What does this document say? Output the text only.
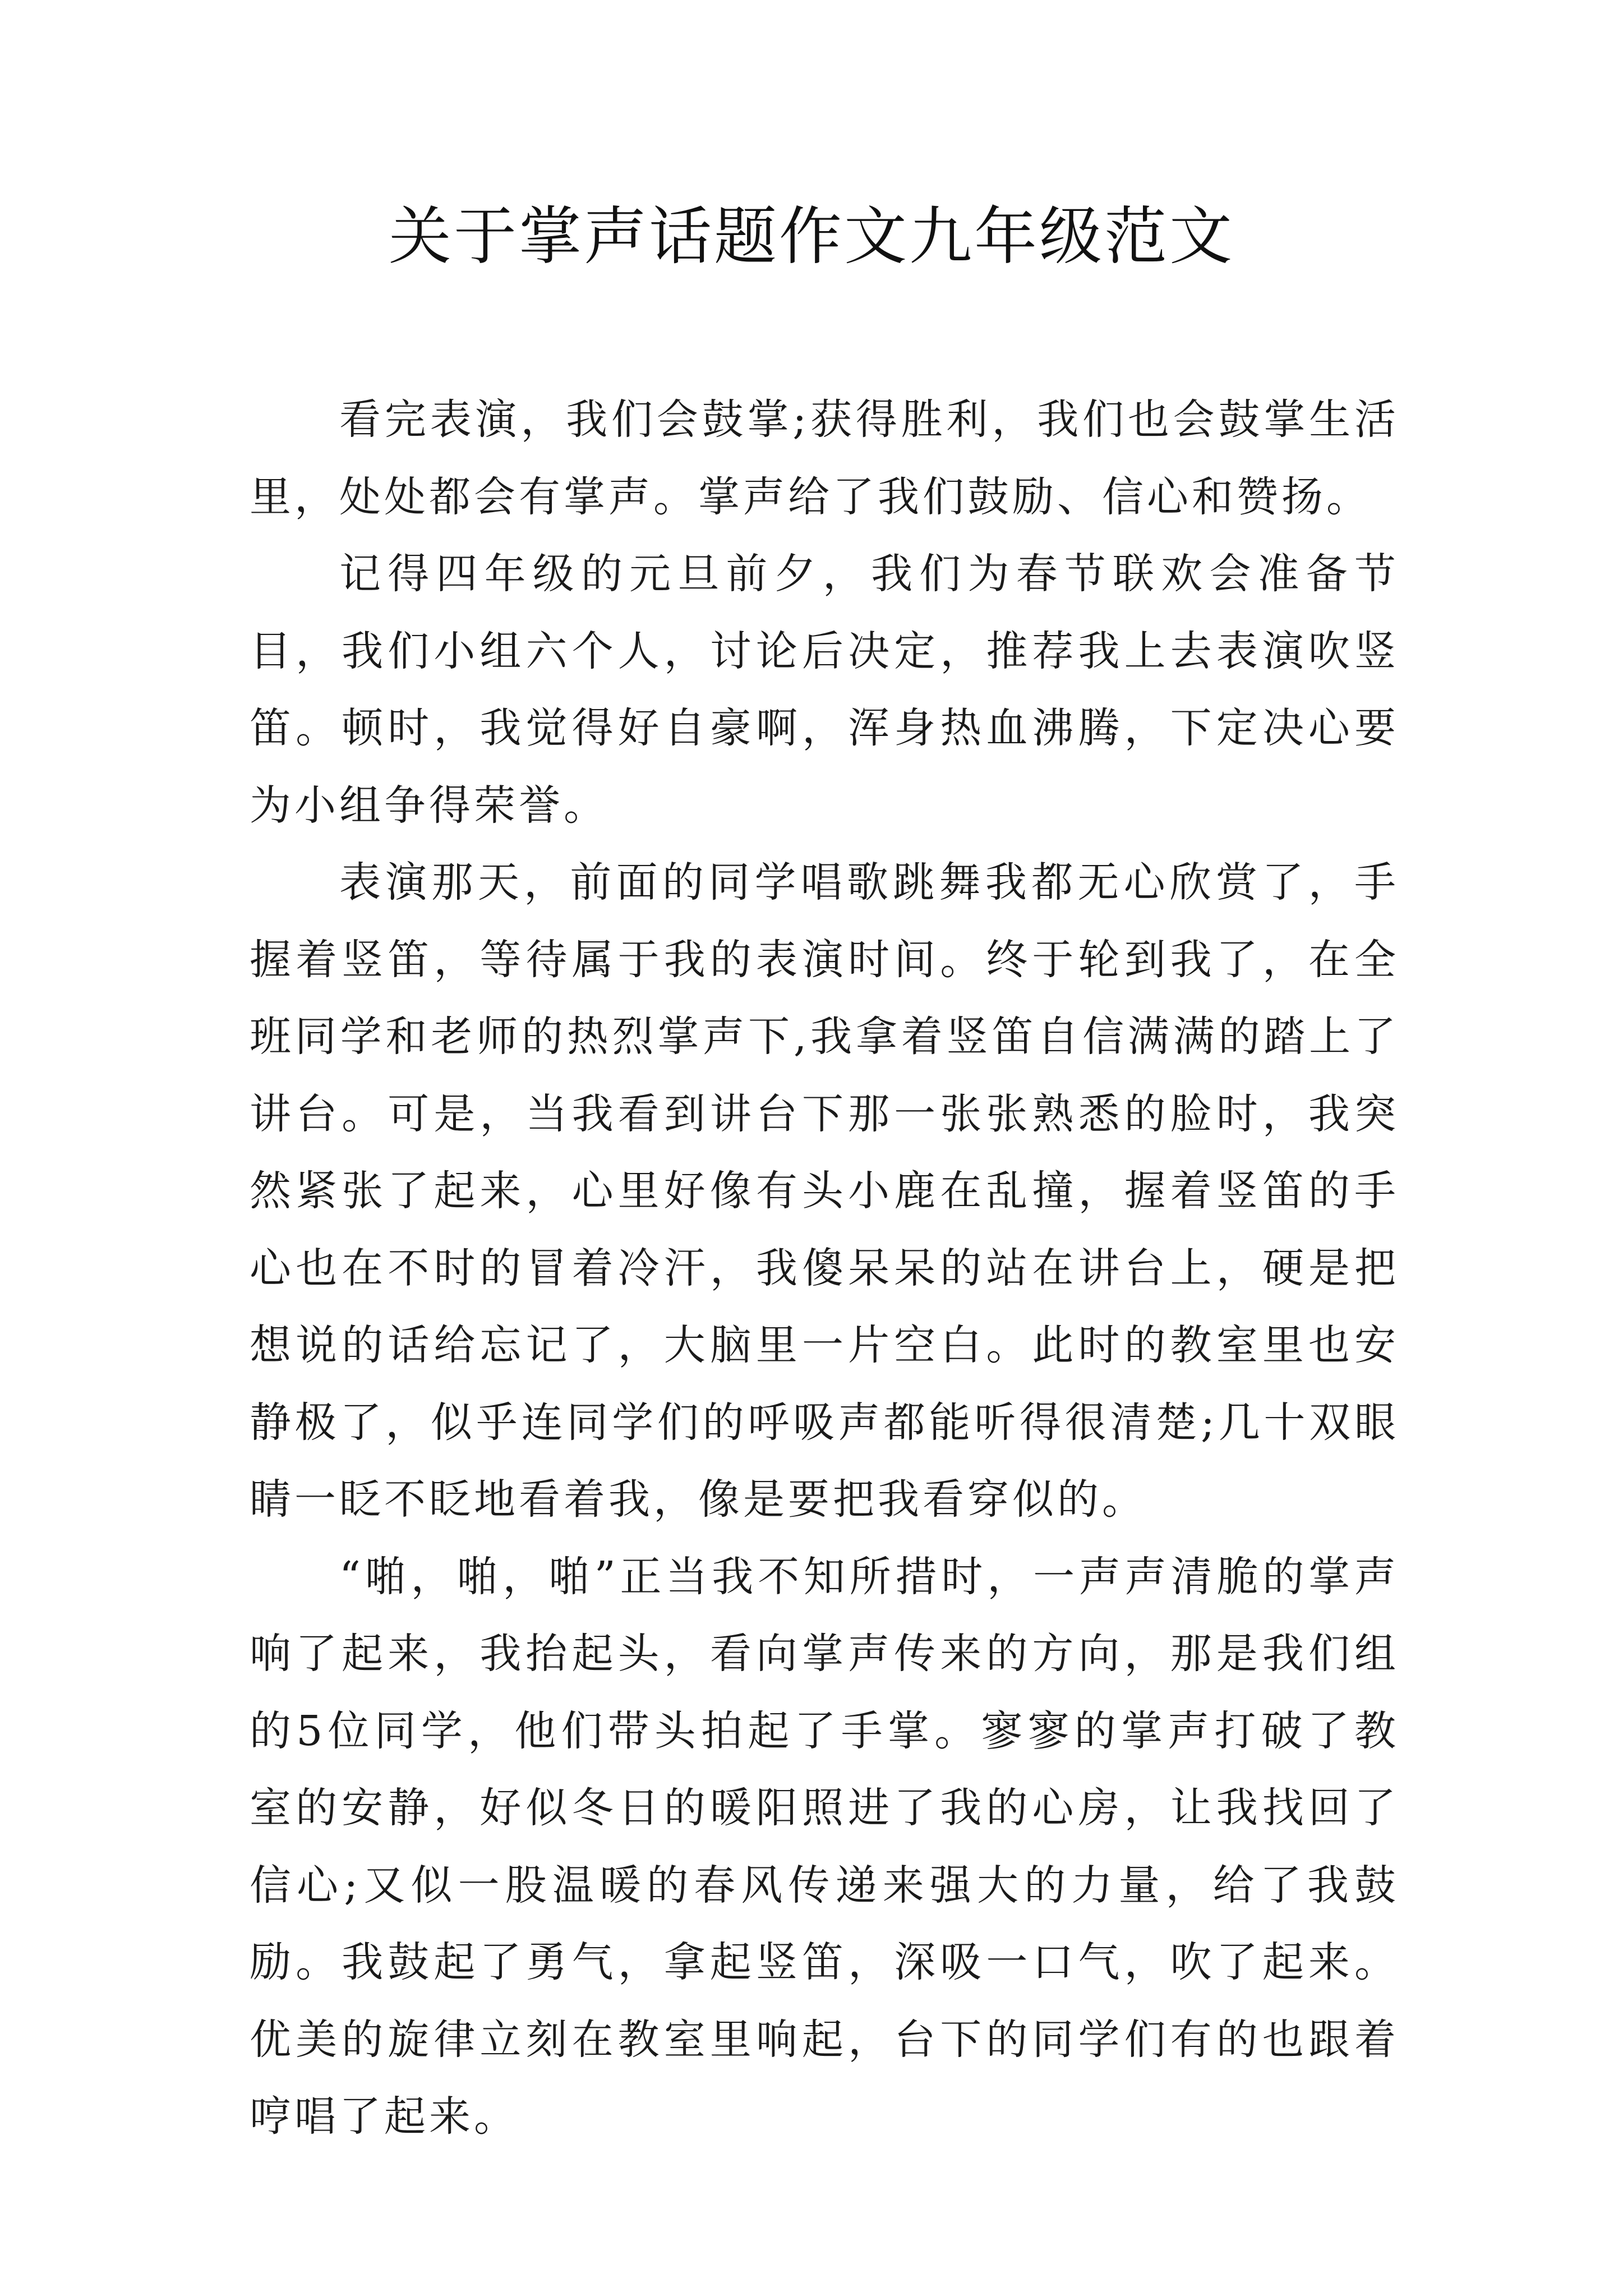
关于掌声话题作文九年级范文

看完表演，我们会鼓掌;获得胜利，我们也会鼓掌生活里，处处都会有掌声。掌声给了我们鼓励、信心和赞扬。

记得四年级的元旦前夕，我们为春节联欢会准备节目，我们小组六个人，讨论后决定，推荐我上去表演吹竖笛。顿时，我觉得好自豪啊，浑身热血沸腾，下定决心要为小组争得荣誉。

表演那天，前面的同学唱歌跳舞我都无心欣赏了，手握着竖笛，等待属于我的表演时间。终于轮到我了，在全班同学和老师的热烈掌声下,我拿着竖笛自信满满的踏上了讲台。可是，当我看到讲台下那一张张熟悉的脸时，我突然紧张了起来，心里好像有头小鹿在乱撞，握着竖笛的手心也在不时的冒着冷汗，我傻呆呆的站在讲台上，硬是把想说的话给忘记了，大脑里一片空白。此时的教室里也安静极了，似乎连同学们的呼吸声都能听得很清楚;几十双眼睛一眨不眨地看着我，像是要把我看穿似的。

“啪，啪，啪”正当我不知所措时，一声声清脆的掌声响了起来，我抬起头，看向掌声传来的方向，那是我们组的5位同学，他们带头拍起了手掌。寥寥的掌声打破了教室的安静，好似冬日的暖阳照进了我的心房，让我找回了信心;又似一股温暖的春风传递来强大的力量，给了我鼓励。我鼓起了勇气，拿起竖笛，深吸一口气，吹了起来。优美的旋律立刻在教室里响起，台下的同学们有的也跟着哼唱了起来。
